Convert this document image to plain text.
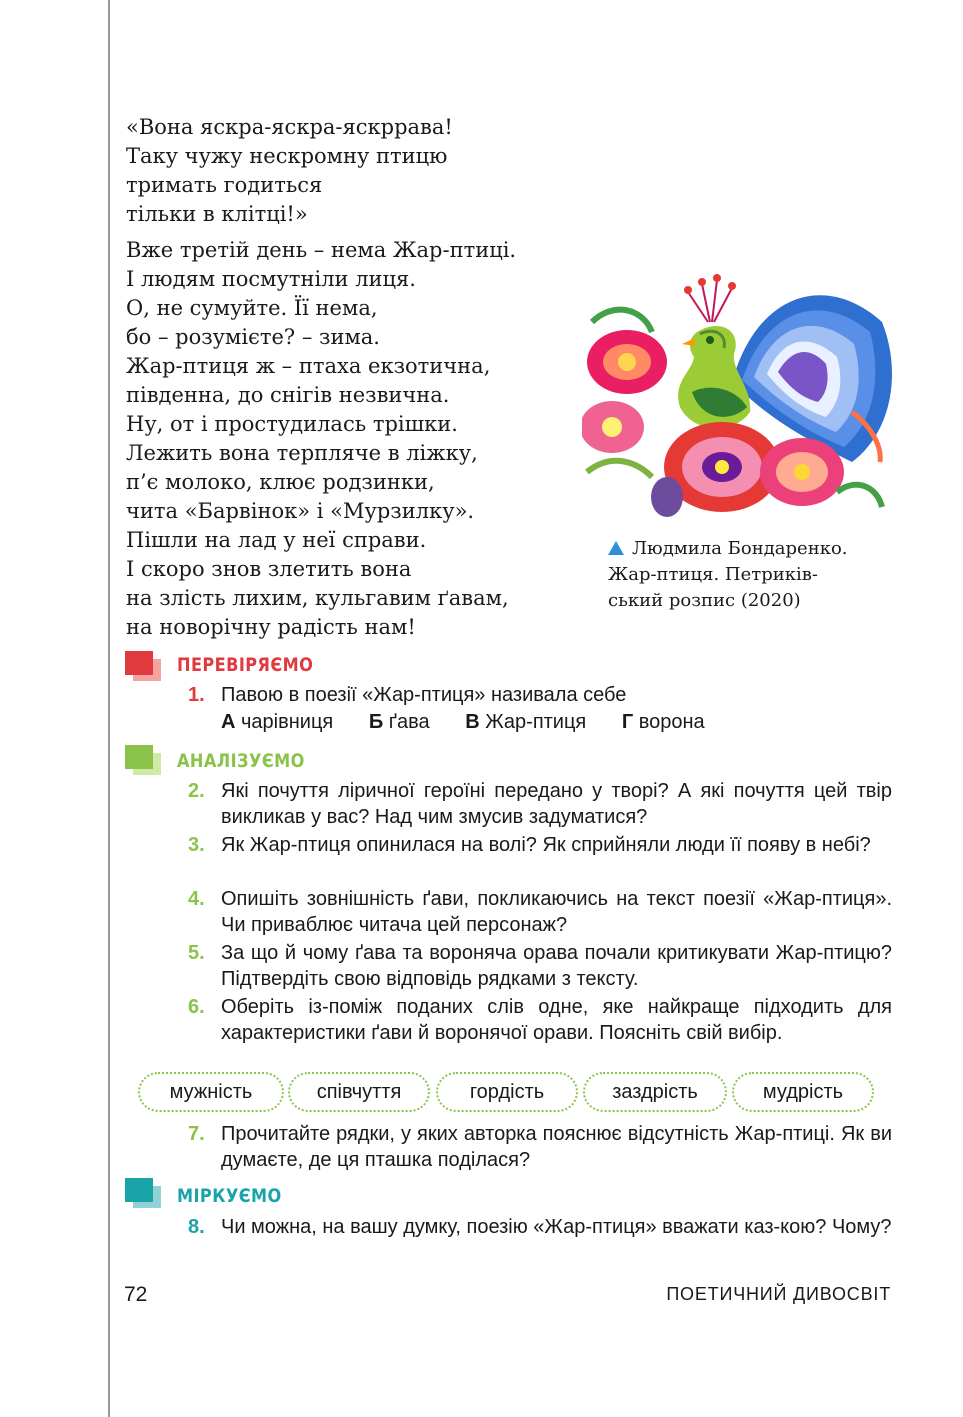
«Вона яскра-яскра-яскррава!
Таку чужу нескромну птицю
тримать годиться
тільки в клітці!»
Вже третій день – нема Жар-птиці.
І людям посмутніли лиця.
О, не сумуйте. Її нема,
бо – розумієте? – зима.
Жар-птиця ж – птаха екзотична,
південна, до снігів незвична.
Ну, от і простудилась трішки.
Лежить вона терпляче в ліжку,
п’є молоко, клює родзинки,
чита «Барвінок» і «Мурзилку».
Пішли на лад у неї справи.
І скоро знов злетить вона
на злість лихим, кульгавим ґавам,
на новорічну радість нам!
Людмила Бондаренко.
Жар-птиця. Петриків-
ський розпис (2020)
ПЕРЕВІРЯЄМО
1. Павою в поезії «Жар-птиця» називала себе
А чарівниця Б ґава В Жар-птиця Г ворона
АНАЛІЗУЄМО
2. Які почуття ліричної героїні передано у творі? А які почуття цей твір викликав у вас? Над чим змусив задуматися?
3. Як Жар-птиця опинилася на волі? Як сприйняли люди її появу в небі?
4. Опишіть зовнішність ґави, покликаючись на текст поезії «Жар-птиця». Чи приваблює читача цей персонаж?
5. За що й чому ґава та вороняча орава почали критикувати Жар-птицю? Підтвердіть свою відповідь рядками з тексту.
6. Оберіть із-поміж поданих слів одне, яке найкраще підходить для характеристики ґави й воронячої орави. Поясніть свій вибір.
мужність	співчуття	гордість	заздрість	мудрість
7. Прочитайте рядки, у яких авторка пояснює відсутність Жар-птиці. Як ви думаєте, де ця пташка поділася?
МІРКУЄМО
8. Чи можна, на вашу думку, поезію «Жар-птиця» вважати каз-кою? Чому?
72	ПОЕТИЧНИЙ ДИВОСВІТ
